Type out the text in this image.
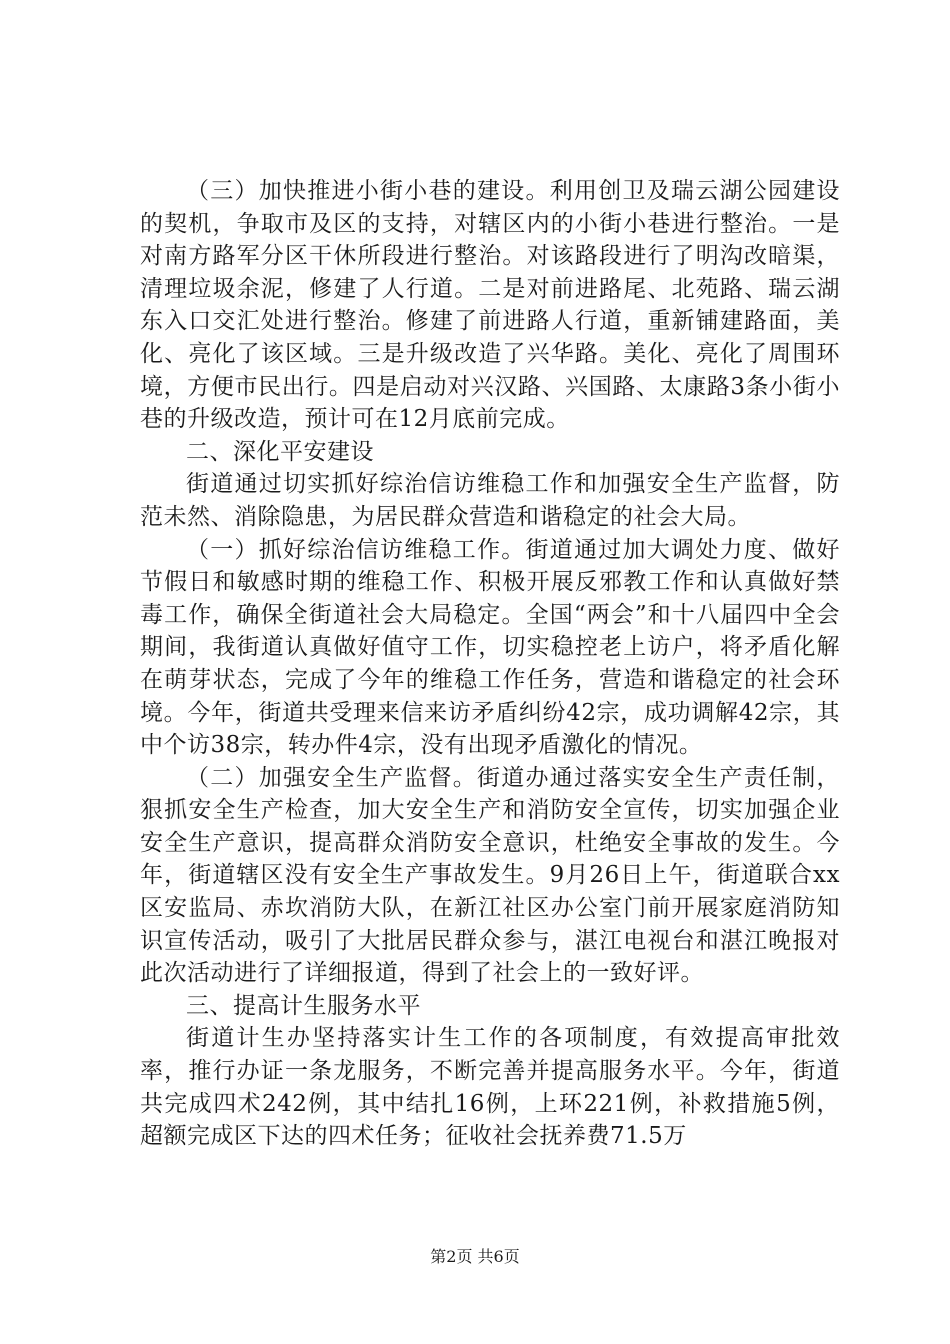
（三）加快推进小街小巷的建设。利用创卫及瑞云湖公园建设的契机，争取市及区的支持，对辖区内的小街小巷进行整治。一是对南方路军分区干休所段进行整治。对该路段进行了明沟改暗渠，清理垃圾余泥，修建了人行道。二是对前进路尾、北苑路、瑞云湖东入口交汇处进行整治。修建了前进路人行道，重新铺建路面，美化、亮化了该区域。三是升级改造了兴华路。美化、亮化了周围环境，方便市民出行。四是启动对兴汉路、兴国路、太康路3条小街小巷的升级改造，预计可在12月底前完成。

二、深化平安建设

街道通过切实抓好综治信访维稳工作和加强安全生产监督，防范未然、消除隐患，为居民群众营造和谐稳定的社会大局。

（一）抓好综治信访维稳工作。街道通过加大调处力度、做好节假日和敏感时期的维稳工作、积极开展反邪教工作和认真做好禁毒工作，确保全街道社会大局稳定。全国“两会”和十八届四中全会期间，我街道认真做好值守工作，切实稳控老上访户，将矛盾化解在萌芽状态，完成了今年的维稳工作任务，营造和谐稳定的社会环境。今年，街道共受理来信来访矛盾纠纷42宗，成功调解42宗，其中个访38宗，转办件4宗，没有出现矛盾激化的情况。

（二）加强安全生产监督。街道办通过落实安全生产责任制，狠抓安全生产检查，加大安全生产和消防安全宣传，切实加强企业安全生产意识，提高群众消防安全意识，杜绝安全事故的发生。今年，街道辖区没有安全生产事故发生。9月26日上午，街道联合xx区安监局、赤坎消防大队，在新江社区办公室门前开展家庭消防知识宣传活动，吸引了大批居民群众参与，湛江电视台和湛江晚报对此次活动进行了详细报道，得到了社会上的一致好评。

三、提高计生服务水平

街道计生办坚持落实计生工作的各项制度，有效提高审批效率，推行办证一条龙服务，不断完善并提高服务水平。今年，街道共完成四术242例，其中结扎16例，上环221例，补救措施5例，超额完成区下达的四术任务；征收社会抚养费71.5万

第2页 共6页
